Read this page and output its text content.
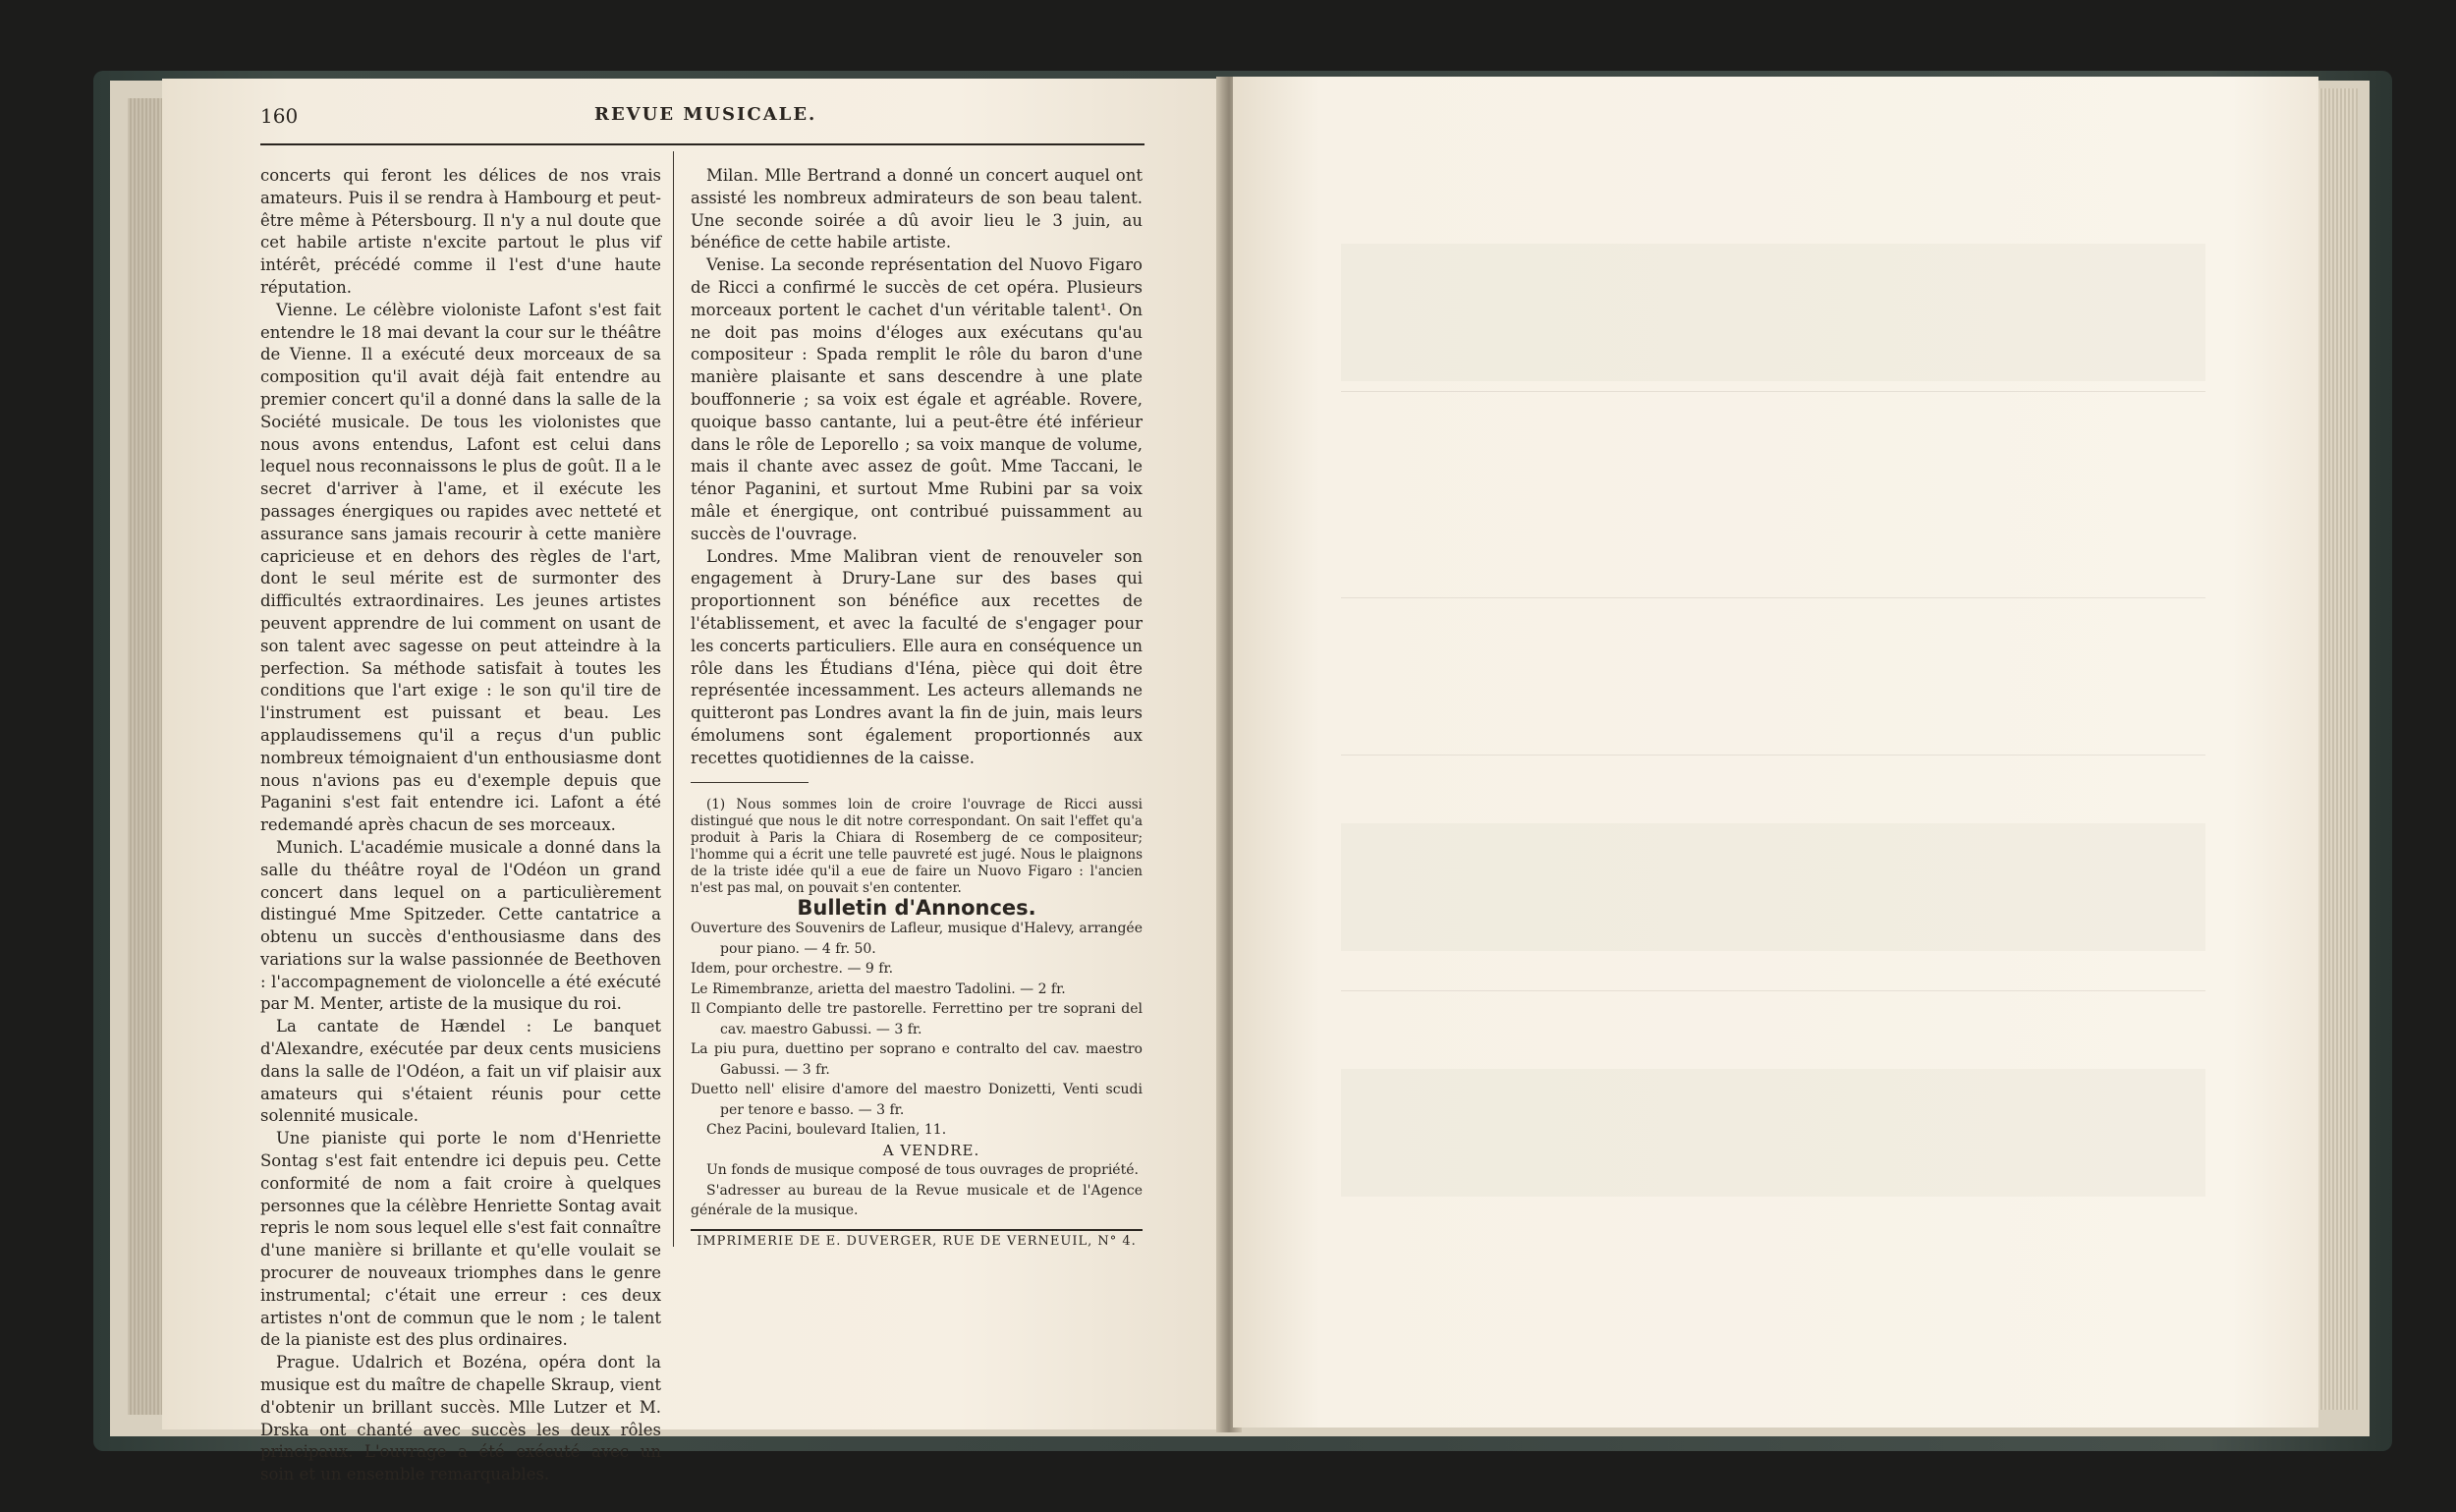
160	REVUE MUSICALE.

concerts qui feront les délices de nos vrais amateurs. Puis il se rendra à Hambourg et peut-être même à Pétersbourg. Il n'y a nul doute que cet habile artiste n'excite partout le plus vif intérêt, précédé comme il l'est d'une haute réputation.

Vienne. Le célèbre violoniste Lafont s'est fait entendre le 18 mai devant la cour sur le théâtre de Vienne. Il a exécuté deux morceaux de sa composition qu'il avait déjà fait entendre au premier concert qu'il a donné dans la salle de la Société musicale. De tous les violonistes que nous avons entendus, Lafont est celui dans lequel nous reconnaissons le plus de goût. Il a le secret d'arriver à l'ame, et il exécute les passages énergiques ou rapides avec netteté et assurance sans jamais recourir à cette manière capricieuse et en dehors des règles de l'art, dont le seul mérite est de surmonter des difficultés extraordinaires. Les jeunes artistes peuvent apprendre de lui comment on usant de son talent avec sagesse on peut atteindre à la perfection. Sa méthode satisfait à toutes les conditions que l'art exige : le son qu'il tire de l'instrument est puissant et beau. Les applaudissemens qu'il a reçus d'un public nombreux témoignaient d'un enthousiasme dont nous n'avions pas eu d'exemple depuis que Paganini s'est fait entendre ici. Lafont a été redemandé après chacun de ses morceaux.

Munich. L'académie musicale a donné dans la salle du théâtre royal de l'Odéon un grand concert dans lequel on a particulièrement distingué Mme Spitzeder. Cette cantatrice a obtenu un succès d'enthousiasme dans des variations sur la walse passionnée de Beethoven : l'accompagnement de violoncelle a été exécuté par M. Menter, artiste de la musique du roi.

La cantate de Hændel : Le banquet d'Alexandre, exécutée par deux cents musiciens dans la salle de l'Odéon, a fait un vif plaisir aux amateurs qui s'étaient réunis pour cette solennité musicale.

Une pianiste qui porte le nom d'Henriette Sontag s'est fait entendre ici depuis peu. Cette conformité de nom a fait croire à quelques personnes que la célèbre Henriette Sontag avait repris le nom sous lequel elle s'est fait connaître d'une manière si brillante et qu'elle voulait se procurer de nouveaux triomphes dans le genre instrumental; c'était une erreur : ces deux artistes n'ont de commun que le nom ; le talent de la pianiste est des plus ordinaires.

Prague. Udalrich et Bozéna, opéra dont la musique est du maître de chapelle Skraup, vient d'obtenir un brillant succès. Mlle Lutzer et M. Drska ont chanté avec succès les deux rôles principaux. L'ouvrage a été exécuté avec un soin et un ensemble remarquables.

Milan. Mlle Bertrand a donné un concert auquel ont assisté les nombreux admirateurs de son beau talent. Une seconde soirée a dû avoir lieu le 3 juin, au bénéfice de cette habile artiste.

Venise. La seconde représentation del Nuovo Figaro de Ricci a confirmé le succès de cet opéra. Plusieurs morceaux portent le cachet d'un véritable talent¹. On ne doit pas moins d'éloges aux exécutans qu'au compositeur : Spada remplit le rôle du baron d'une manière plaisante et sans descendre à une plate bouffonnerie ; sa voix est égale et agréable. Rovere, quoique basso cantante, lui a peut-être été inférieur dans le rôle de Leporello ; sa voix manque de volume, mais il chante avec assez de goût. Mme Taccani, le ténor Paganini, et surtout Mme Rubini par sa voix mâle et énergique, ont contribué puissamment au succès de l'ouvrage.

Londres. Mme Malibran vient de renouveler son engagement à Drury-Lane sur des bases qui proportionnent son bénéfice aux recettes de l'établissement, et avec la faculté de s'engager pour les concerts particuliers. Elle aura en conséquence un rôle dans les Étudians d'Iéna, pièce qui doit être représentée incessamment. Les acteurs allemands ne quitteront pas Londres avant la fin de juin, mais leurs émolumens sont également proportionnés aux recettes quotidiennes de la caisse.

(1) Nous sommes loin de croire l'ouvrage de Ricci aussi distingué que nous le dit notre correspondant. On sait l'effet qu'a produit à Paris la Chiara di Rosemberg de ce compositeur; l'homme qui a écrit une telle pauvreté est jugé. Nous le plaignons de la triste idée qu'il a eue de faire un Nuovo Figaro : l'ancien n'est pas mal, on pouvait s'en contenter.

Bulletin d'Annonces.

Ouverture des Souvenirs de Lafleur, musique d'Halevy, arrangée pour piano. — 4 fr. 50.

Idem, pour orchestre. — 9 fr.

Le Rimembranze, arietta del maestro Tadolini. — 2 fr.

Il Compianto delle tre pastorelle. Ferrettino per tre soprani del cav. maestro Gabussi. — 3 fr.

La piu pura, duettino per soprano e contralto del cav. maestro Gabussi. — 3 fr.

Duetto nell' elisire d'amore del maestro Donizetti, Venti scudi per tenore e basso. — 3 fr.

Chez Pacini, boulevard Italien, 11.

A VENDRE.

Un fonds de musique composé de tous ouvrages de propriété.

S'adresser au bureau de la Revue musicale et de l'Agence générale de la musique.

IMPRIMERIE DE E. DUVERGER, RUE DE VERNEUIL, N° 4.
